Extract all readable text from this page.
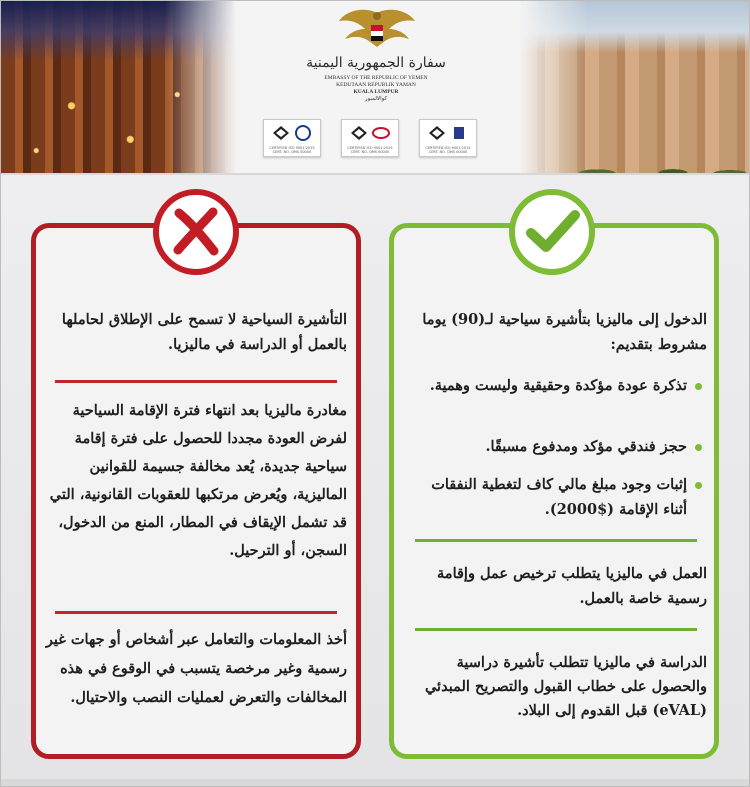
سفارة الجمهورية اليمنية
EMBASSY OF THE REPUBLIC OF YEMEN
KEDUTAAN REPUBLIK YAMAN
KUALA LUMPUR
كوالالمبور
CERTIFIED ISO 9001:2015 CERT. NO. QMS 00000
CERTIFIED ISO 9001:2015 CERT. NO. QMS 00000
CERTIFIED ISO 9001:2015 CERT. NO. QMS 00000
التأشيرة السياحية لا تسمح على الإطلاق لحاملها بالعمل أو الدراسة في ماليزيا.
مغادرة ماليزيا بعد انتهاء فترة الإقامة السياحية لفرض العودة مجددا للحصول على فترة إقامة سياحية جديدة، يُعد مخالفة جسيمة للقوانين الماليزية، ويُعرض مرتكبها للعقوبات القانونية، التي قد تشمل الإيقاف في المطار، المنع من الدخول، السجن، أو الترحيل.
أخذ المعلومات والتعامل عبر أشخاص أو جهات غير رسمية وغير مرخصة يتسبب في الوقوع في هذه المخالفات والتعرض لعمليات النصب والاحتيال.
الدخول إلى ماليزيا بتأشيرة سياحية لـ(90) يوما مشروط بتقديم:
تذكرة عودة مؤكدة وحقيقية وليست وهمية.
حجز فندقي مؤكد ومدفوع مسبقًا.
إثبات وجود مبلغ مالي كاف لتغطية النفقات أثناء الإقامة ($2000).
العمل في ماليزيا يتطلب ترخيص عمل وإقامة رسمية خاصة بالعمل.
الدراسة في ماليزيا تتطلب تأشيرة دراسية والحصول على خطاب القبول والتصريح المبدئي (eVAL) قبل القدوم إلى البلاد.
